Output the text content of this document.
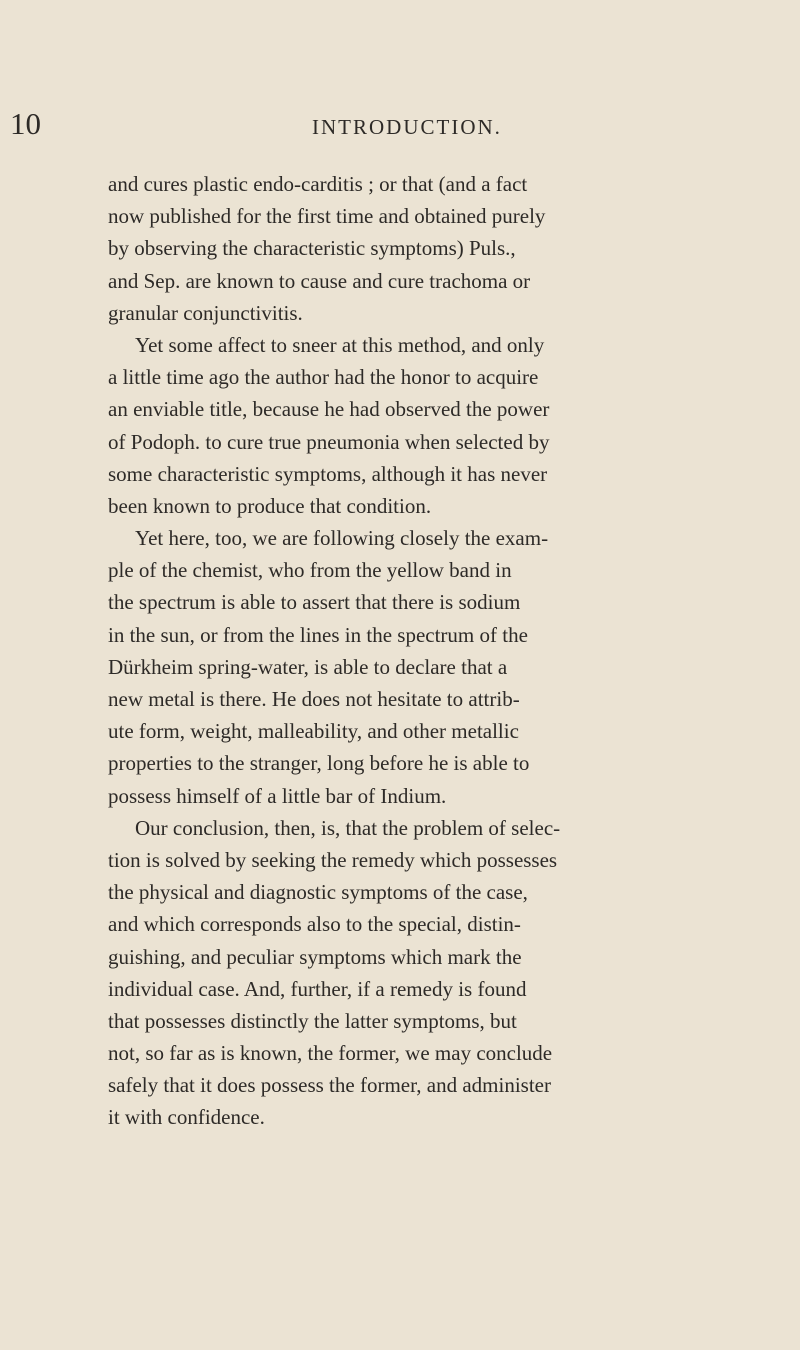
10	INTRODUCTION.
and cures plastic endo-carditis ; or that (and a fact
now published for the first time and obtained purely
by observing the characteristic symptoms) Puls.,
and Sep. are known to cause and cure trachoma or
granular conjunctivitis.
Yet some affect to sneer at this method, and only
a little time ago the author had the honor to acquire
an enviable title, because he had observed the power
of Podoph. to cure true pneumonia when selected by
some characteristic symptoms, although it has never
been known to produce that condition.
Yet here, too, we are following closely the exam-
ple of the chemist, who from the yellow band in
the spectrum is able to assert that there is sodium
in the sun, or from the lines in the spectrum of the
Dürkheim spring-water, is able to declare that a
new metal is there. He does not hesitate to attrib-
ute form, weight, malleability, and other metallic
properties to the stranger, long before he is able to
possess himself of a little bar of Indium.
Our conclusion, then, is, that the problem of selec-
tion is solved by seeking the remedy which possesses
the physical and diagnostic symptoms of the case,
and which corresponds also to the special, distin-
guishing, and peculiar symptoms which mark the
individual case. And, further, if a remedy is found
that possesses distinctly the latter symptoms, but
not, so far as is known, the former, we may conclude
safely that it does possess the former, and administer
it with confidence.
